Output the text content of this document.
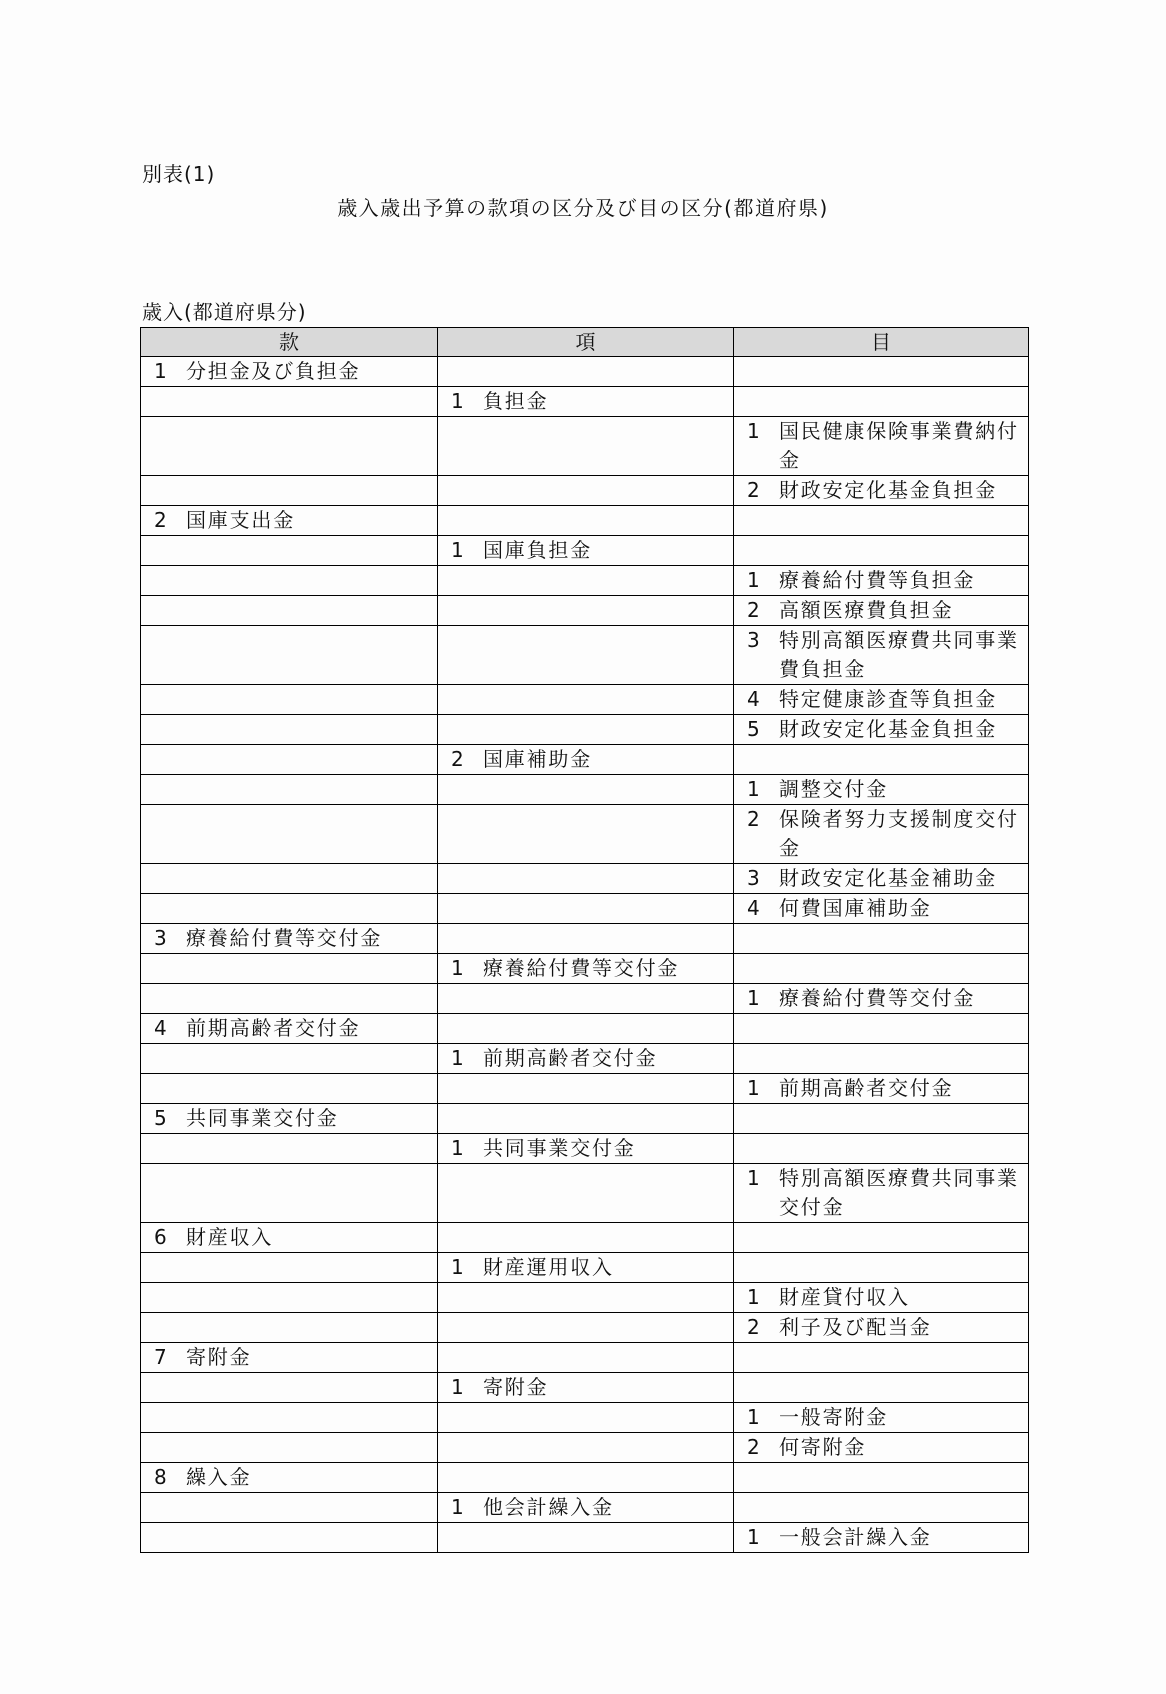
別表(1)
歳入歳出予算の款項の区分及び目の区分(都道府県)
歳入(都道府県分)
款	項	目

1 分担金及び負担金		

	1 負担金	

		1 国民健康保険事業費納付金

		2 財政安定化基金負担金

2 国庫支出金		

	1 国庫負担金	

		1 療養給付費等負担金

		2 高額医療費負担金

		3 特別高額医療費共同事業費負担金

		4 特定健康診査等負担金

		5 財政安定化基金負担金

	2 国庫補助金	

		1 調整交付金

		2 保険者努力支援制度交付金

		3 財政安定化基金補助金

		4 何費国庫補助金

3 療養給付費等交付金		

	1 療養給付費等交付金	

		1 療養給付費等交付金

4 前期高齢者交付金		

	1 前期高齢者交付金	

		1 前期高齢者交付金

5 共同事業交付金		

	1 共同事業交付金	

		1 特別高額医療費共同事業交付金

6 財産収入		

	1 財産運用収入	

		1 財産貸付収入

		2 利子及び配当金

7 寄附金		

	1 寄附金	

		1 一般寄附金

		2 何寄附金

8 繰入金		

	1 他会計繰入金	

		1 一般会計繰入金
